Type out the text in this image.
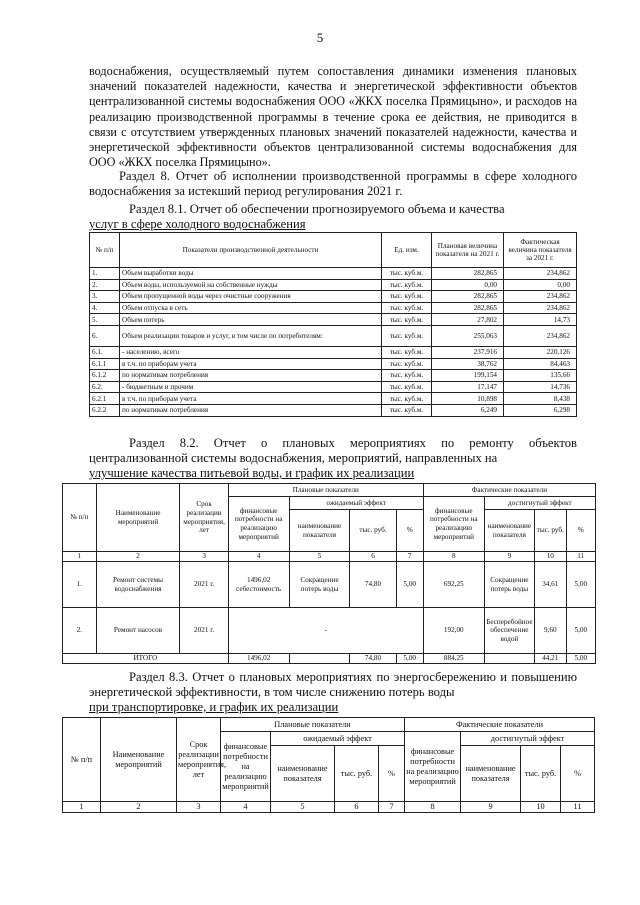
5
водоснабжения, осуществляемый путем сопоставления динамики изменения плановых значений показателей надежности, качества и энергетической эффективности объектов централизованной системы водоснабжения ООО «ЖКХ поселка Прямицыно», и расходов на реализацию производственной программы в течение срока ее действия, не приводится в связи с отсутствием утвержденных плановых значений показателей надежности, качества и энергетической эффективности объектов централизованной системы водоснабжения для ООО «ЖКХ поселка Прямицыно».
Раздел 8. Отчет об исполнении производственной программы в сфере холодного водоснабжения за истекший период регулирования 2021 г.
Раздел 8.1. Отчет об обеспечении прогнозируемого объема и качества
услуг в сфере холодного водоснабжения
№ п/п	Показатели производственной деятельности	Ед. изм.	Плановая величина показателя на 2021 г.	Фактическая величина показателя за 2021 г.
1.	Объем выработки воды	тыс. куб.м.	282,865	234,862
2.	Объем воды, используемой на собственные нужды	тыс. куб.м.	0,00	0,00
3.	Объем пропущенной воды через очистные сооружения	тыс. куб.м.	282,865	234,862
4.	Объем отпуска в сеть	тыс. куб.м.	282,865	234,862
5.	Объем потерь	тыс. куб.м.	27,802	14,73
6.	Объем реализации товаров и услуг, в том числе по потребителям:	тыс. куб.м.	255,063	234,862
6.1.	- населению, всего	тыс. куб.м.	237,916	220,126
6.1.1	в т.ч. по приборам учета	тыс. куб.м.	38,762	84,463
6.1.2	по нормативам потребления	тыс. куб.м.	199,154	135,66
6.2.	- бюджетным и прочим	тыс. куб.м.	17,147	14,736
6.2.1	в т.ч. по приборам учета	тыс. куб.м.	10,898	8,438
6.2.2	по нормативам потребления	тыс. куб.м.	6,249	6,298
Раздел 8.2. Отчет о плановых мероприятиях по ремонту объектов централизованной системы водоснабжения, мероприятий, направленных на
улучшение качества питьевой воды, и график их реализации
№ п/п	Наименование мероприятий	Срок реализации мероприятия, лет	Плановые показатели				Фактические показатели			
			финансовые потребности на реализацию мероприятий	ожидаемый эффект			финансовые потребности на реализацию мероприятий	достигнутый эффект		
				наименование показателя	тыс. руб.	%		наименование показателя	тыс. руб.	%
1	2	3	4	5	6	7	8	9	10	11
1.	Ремонт системы водоснабжения	2021 г.	1496,02 себестоимость	Сокращение потерь воды	74,80	5,00	692,25	Сокращение потерь воды	34,61	5,00
2.	Ремонт насосов	2021 г.	-				192,00	Бесперебойное обеспечение водой	9,60	5,00
ИТОГО			1496,02		74,80	5,00	884,25		44,21	5,00
Раздел 8.3. Отчет о плановых мероприятиях по энергосбережению и повышению энергетической эффективности, в том числе снижению потерь воды
при транспортировке, и график их реализации
№ п/п	Наименование мероприятий	Срок реализации мероприятия, лет	Плановые показатели				Фактические показатели			
			финансовые потребности на реализацию мероприятий	ожидаемый эффект			финансовые потребности на реализацию мероприятий	достигнутый эффект		
				наименование показателя	тыс. руб.	%		наименование показателя	тыс. руб.	%
1	2	3	4	5	6	7	8	9	10	11
